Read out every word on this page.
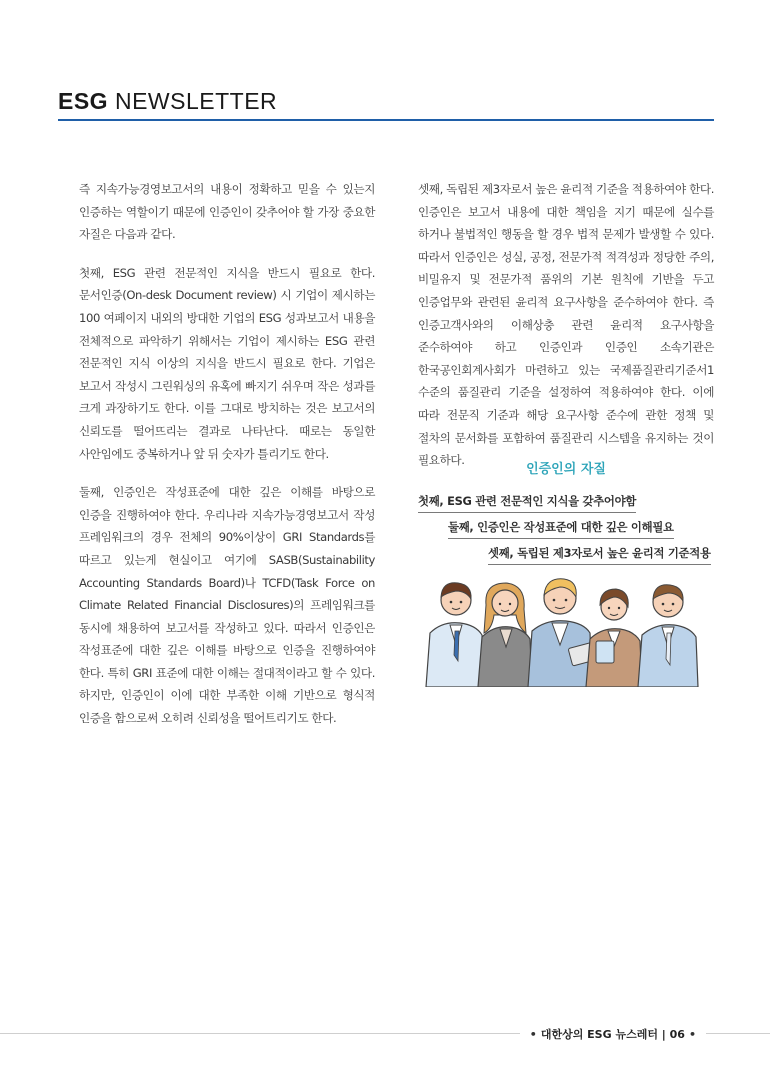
ESG NEWSLETTER

즉 지속가능경영보고서의 내용이 정확하고 믿을 수 있는지 인증하는 역할이기 때문에 인증인이 갖추어야 할 가장 중요한 자질은 다음과 같다.

첫째, ESG 관련 전문적인 지식을 반드시 필요로 한다. 문서인증(On-desk Document review) 시 기업이 제시하는 100 여페이지 내외의 방대한 기업의 ESG 성과보고서 내용을 전체적으로 파악하기 위해서는 기업이 제시하는 ESG 관련 전문적인 지식 이상의 지식을 반드시 필요로 한다. 기업은 보고서 작성시 그린워싱의 유혹에 빠지기 쉬우며 작은 성과를 크게 과장하기도 한다. 이를 그대로 방치하는 것은 보고서의 신뢰도를 떨어뜨리는 결과로 나타난다. 때로는 동일한 사안임에도 중복하거나 앞 뒤 숫자가 틀리기도 한다.

둘째, 인증인은 작성표준에 대한 깊은 이해를 바탕으로 인증을 진행하여야 한다. 우리나라 지속가능경영보고서 작성 프레임워크의 경우 전체의 90%이상이 GRI Standards를 따르고 있는게 현실이고 여기에 SASB(Sustainability Accounting Standards Board)나 TCFD(Task Force on Climate Related Financial Disclosures)의 프레임워크를 동시에 채용하여 보고서를 작성하고 있다. 따라서 인증인은 작성표준에 대한 깊은 이해를 바탕으로 인증을 진행하여야 한다. 특히 GRI 표준에 대한 이해는 절대적이라고 할 수 있다. 하지만, 인증인이 이에 대한 부족한 이해 기반으로 형식적 인증을 함으로써 오히려 신뢰성을 떨어트리기도 한다.

셋째, 독립된 제3자로서 높은 윤리적 기준을 적용하여야 한다. 인증인은 보고서 내용에 대한 책임을 지기 때문에 실수를 하거나 불법적인 행동을 할 경우 법적 문제가 발생할 수 있다. 따라서 인증인은 성실, 공정, 전문가적 적격성과 정당한 주의, 비밀유지 및 전문가적 품위의 기본 원칙에 기반을 두고 인증업무와 관련된 윤리적 요구사항을 준수하여야 한다. 즉 인증고객사와의 이해상충 관련 윤리적 요구사항을 준수하여야 하고 인증인과 인증인 소속기관은 한국공인회계사회가 마련하고 있는 국제품질관리기준서1 수준의 품질관리 기준을 설정하여 적용하여야 한다. 이에 따라 전문직 기준과 해당 요구사항 준수에 관한 정책 및 절차의 문서화를 포함하여 품질관리 시스템을 유지하는 것이 필요하다.

인증인의 자질
첫째, ESG 관련 전문적인 지식을 갖추어야함
둘째, 인증인은 작성표준에 대한 깊은 이해필요
셋째, 독립된 제3자로서 높은 윤리적 기준적용
• 대한상의 ESG 뉴스레터 | 06 •
